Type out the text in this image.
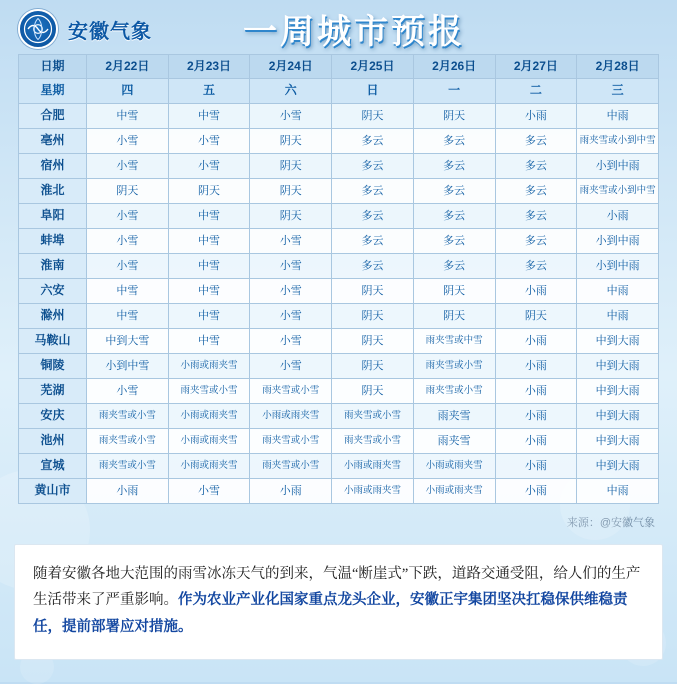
安徽气象	一周城市预报
日期	2月22日	2月23日	2月24日	2月25日	2月26日	2月27日	2月28日
星期	四	五	六	日	一	二	三
合肥	中雪	中雪	小雪	阴天	阴天	小雨	中雨
亳州	小雪	小雪	阴天	多云	多云	多云	雨夹雪或小到中雪
宿州	小雪	小雪	阴天	多云	多云	多云	小到中雨
淮北	阴天	阴天	阴天	多云	多云	多云	雨夹雪或小到中雪
阜阳	小雪	中雪	阴天	多云	多云	多云	小雨
蚌埠	小雪	中雪	小雪	多云	多云	多云	小到中雨
淮南	小雪	中雪	小雪	多云	多云	多云	小到中雨
六安	中雪	中雪	小雪	阴天	阴天	小雨	中雨
滁州	中雪	中雪	小雪	阴天	阴天	阴天	中雨
马鞍山	中到大雪	中雪	小雪	阴天	雨夹雪或中雪	小雨	中到大雨
铜陵	小到中雪	小雨或雨夹雪	小雪	阴天	雨夹雪或小雪	小雨	中到大雨
芜湖	小雪	雨夹雪或小雪	雨夹雪或小雪	阴天	雨夹雪或小雪	小雨	中到大雨
安庆	雨夹雪或小雪	小雨或雨夹雪	小雨或雨夹雪	雨夹雪或小雪	雨夹雪	小雨	中到大雨
池州	雨夹雪或小雪	小雨或雨夹雪	雨夹雪或小雪	雨夹雪或小雪	雨夹雪	小雨	中到大雨
宣城	雨夹雪或小雪	小雨或雨夹雪	雨夹雪或小雪	小雨或雨夹雪	小雨或雨夹雪	小雨	中到大雨
黄山市	小雨	小雪	小雨	小雨或雨夹雪	小雨或雨夹雪	小雨	中雨
来源：@安徽气象
随着安徽各地大范围的雨雪冰冻天气的到来，气温“断崖式”下跌，道路交通受阻，给人们的生产生活带来了严重影响。作为农业产业化国家重点龙头企业，安徽正宇集团坚决扛稳保供维稳责任，提前部署应对措施。
